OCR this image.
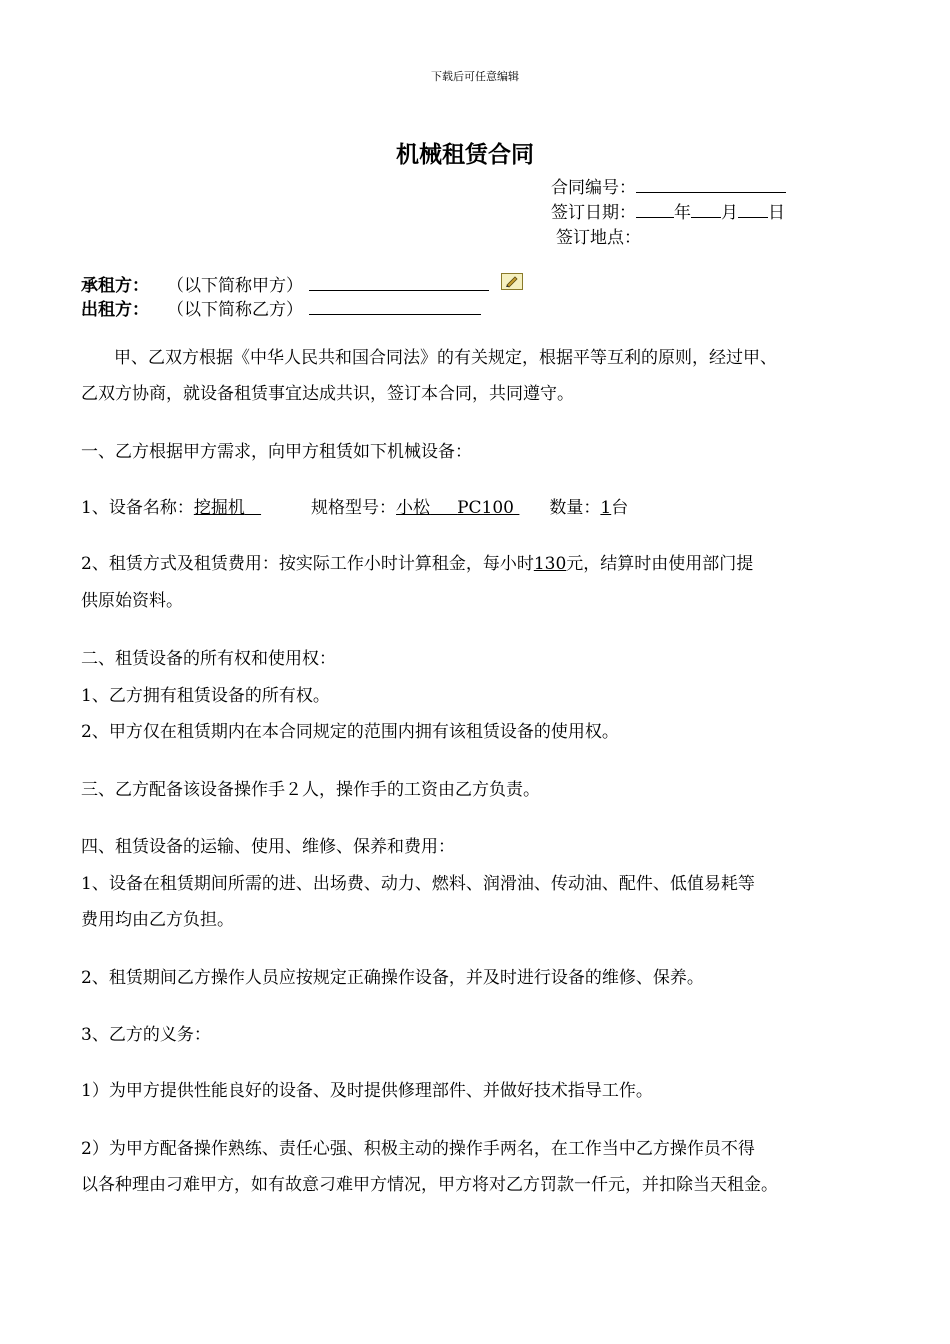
下载后可任意编辑
机械租赁合同
合同编号：
签订日期： 年 月 日
签订地点：
承租方： （以下简称甲方）
出租方： （以下简称乙方）
甲、乙双方根据《中华人民共和国合同法》的有关规定，根据平等互利的原则，经过甲、
乙双方协商，就设备租赁事宜达成共识，签订本合同，共同遵守。
一、乙方根据甲方需求，向甲方租赁如下机械设备：
1、设备名称：挖掘机	规格型号：小松 PC100 数量：1台
2、租赁方式及租赁费用：按实际工作小时计算租金，每小时130元，结算时由使用部门提
供原始资料。
二、租赁设备的所有权和使用权：
1、乙方拥有租赁设备的所有权。
2、甲方仅在租赁期内在本合同规定的范围内拥有该租赁设备的使用权。
三、乙方配备该设备操作手２人，操作手的工资由乙方负责。
四、租赁设备的运输、使用、维修、保养和费用：
1、设备在租赁期间所需的进、出场费、动力、燃料、润滑油、传动油、配件、低值易耗等
费用均由乙方负担。
2、租赁期间乙方操作人员应按规定正确操作设备，并及时进行设备的维修、保养。
3、乙方的义务：
1）为甲方提供性能良好的设备、及时提供修理部件、并做好技术指导工作。
2）为甲方配备操作熟练、责任心强、积极主动的操作手两名，在工作当中乙方操作员不得
以各种理由刁难甲方，如有故意刁难甲方情况，甲方将对乙方罚款一仟元，并扣除当天租金。
